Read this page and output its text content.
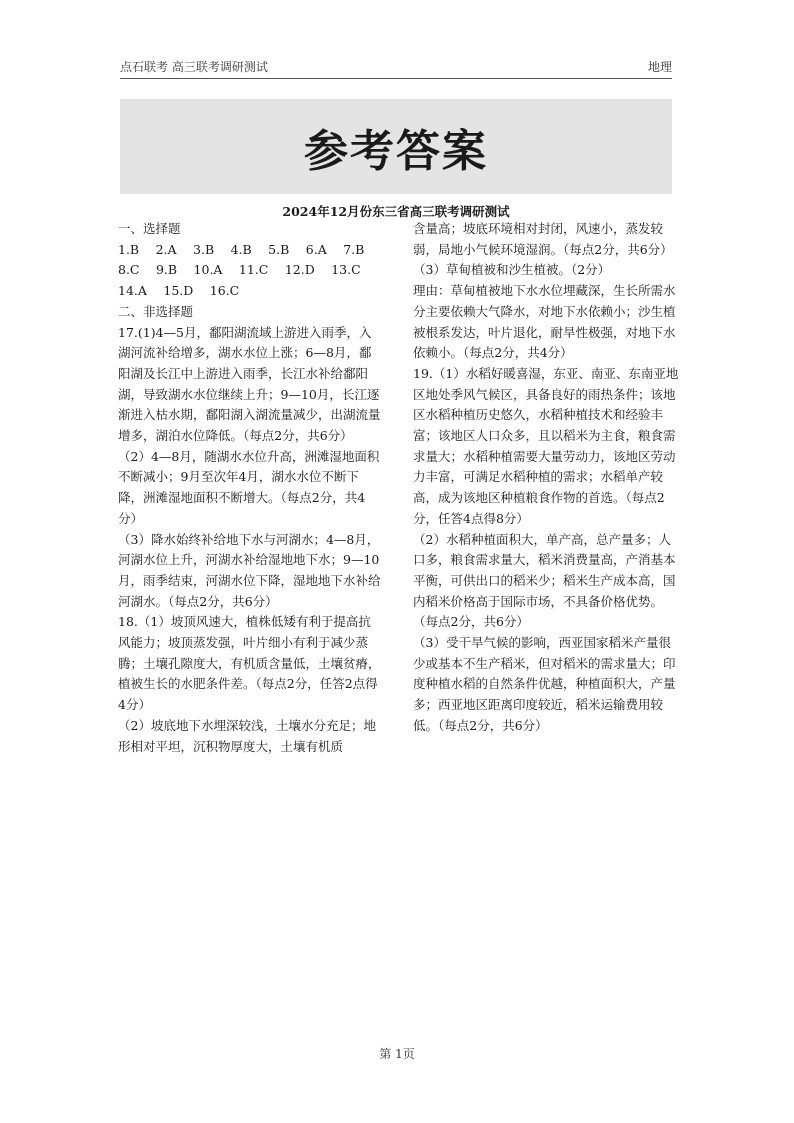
点石联考 高三联考调研测试	地理
参考答案
2024年12月份东三省高三联考调研测试

一、选择题

1.B　 2.A　 3.B　 4.B　 5.B　 6.A　 7.B

8.C　 9.B　 10.A　 11.C　 12.D　 13.C

14.A　 15.D　 16.C

二、非选择题

17.(1)4—5月，鄱阳湖流域上游进入雨季，入湖河流补给增多，湖水水位上涨；6—8月，鄱阳湖及长江中上游进入雨季，长江水补给鄱阳湖，导致湖水水位继续上升；9—10月，长江逐渐进入枯水期，鄱阳湖入湖流量减少，出湖流量增多，湖泊水位降低。（每点2分，共6分）

（2）4—8月，随湖水水位升高，洲滩湿地面积不断减小；9月至次年4月，湖水水位不断下降，洲滩湿地面积不断增大。（每点2分，共4分）

（3）降水始终补给地下水与河湖水；4—8月，河湖水位上升，河湖水补给湿地地下水；9—10月，雨季结束，河湖水位下降，湿地地下水补给河湖水。（每点2分，共6分）

18.（1）坡顶风速大，植株低矮有利于提高抗风能力；坡顶蒸发强，叶片细小有利于减少蒸腾；土壤孔隙度大，有机质含量低，土壤贫瘠，植被生长的水肥条件差。（每点2分，任答2点得4分）

（2）坡底地下水埋深较浅，土壤水分充足；地形相对平坦，沉积物厚度大，土壤有机质

含量高；坡底环境相对封闭，风速小，蒸发较弱，局地小气候环境湿润。（每点2分，共6分）

（3）草甸植被和沙生植被。（2分）

理由：草甸植被地下水水位埋藏深，生长所需水分主要依赖大气降水，对地下水依赖小；沙生植被根系发达，叶片退化，耐旱性极强，对地下水依赖小。（每点2分，共4分）

19.（1）水稻好暖喜湿，东亚、南亚、东南亚地区地处季风气候区，具备良好的雨热条件；该地区水稻种植历史悠久，水稻种植技术和经验丰富；该地区人口众多，且以稻米为主食，粮食需求量大；水稻种植需要大量劳动力，该地区劳动力丰富，可满足水稻种植的需求；水稻单产较高，成为该地区种植粮食作物的首选。（每点2分，任答4点得8分）

（2）水稻种植面积大，单产高，总产量多；人口多，粮食需求量大，稻米消费量高，产消基本平衡，可供出口的稻米少；稻米生产成本高，国内稻米价格高于国际市场，不具备价格优势。（每点2分，共6分）

（3）受干旱气候的影响，西亚国家稻米产量很少或基本不生产稻米，但对稻米的需求量大；印度种植水稻的自然条件优越，种植面积大，产量多；西亚地区距离印度较近，稻米运输费用较低。（每点2分，共6分）

第 1页
